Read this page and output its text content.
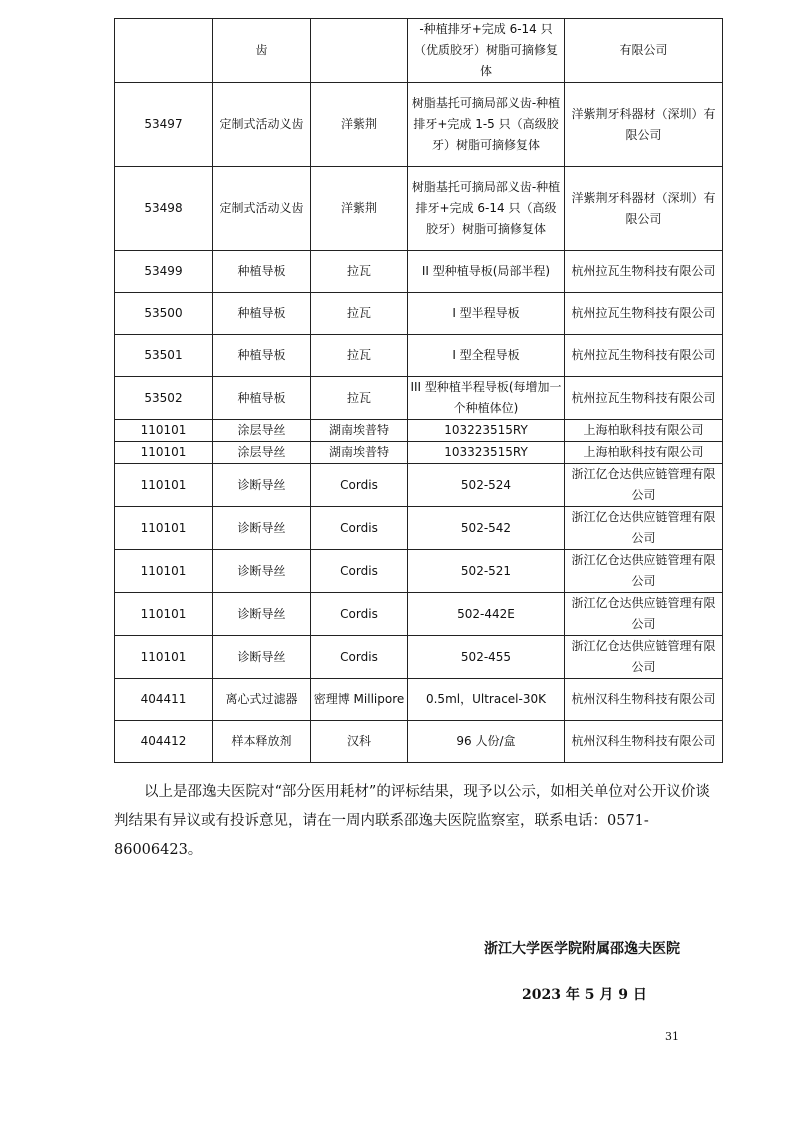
	齿		-种植排牙+完成 6-14 只（优质胶牙）树脂可摘修复体	有限公司
53497	定制式活动义齿	洋紫荆	树脂基托可摘局部义齿-种植排牙+完成 1-5 只（高级胶牙）树脂可摘修复体	洋紫荆牙科器材（深圳）有限公司
53498	定制式活动义齿	洋紫荆	树脂基托可摘局部义齿-种植排牙+完成 6-14 只（高级胶牙）树脂可摘修复体	洋紫荆牙科器材（深圳）有限公司
53499	种植导板	拉瓦	II 型种植导板(局部半程)	杭州拉瓦生物科技有限公司
53500	种植导板	拉瓦	I 型半程导板	杭州拉瓦生物科技有限公司
53501	种植导板	拉瓦	I 型全程导板	杭州拉瓦生物科技有限公司
53502	种植导板	拉瓦	III 型种植半程导板(每增加一个种植体位)	杭州拉瓦生物科技有限公司
110101	涂层导丝	湖南埃普特	103223515RY	上海柏耿科技有限公司
110101	涂层导丝	湖南埃普特	103323515RY	上海柏耿科技有限公司
110101	诊断导丝	Cordis	502-524	浙江亿仓达供应链管理有限公司
110101	诊断导丝	Cordis	502-542	浙江亿仓达供应链管理有限公司
110101	诊断导丝	Cordis	502-521	浙江亿仓达供应链管理有限公司
110101	诊断导丝	Cordis	502-442E	浙江亿仓达供应链管理有限公司
110101	诊断导丝	Cordis	502-455	浙江亿仓达供应链管理有限公司
404411	离心式过滤器	密理博 Millipore	0.5ml，Ultracel-30K	杭州汉科生物科技有限公司
404412	样本释放剂	汉科	96 人份/盒	杭州汉科生物科技有限公司

以上是邵逸夫医院对“部分医用耗材”的评标结果，现予以公示，如相关单位对公开议价谈判结果有异议或有投诉意见，请在一周内联系邵逸夫医院监察室，联系电话：0571-86006423。

浙江大学医学院附属邵逸夫医院

2023 年 5 月 9 日

31
